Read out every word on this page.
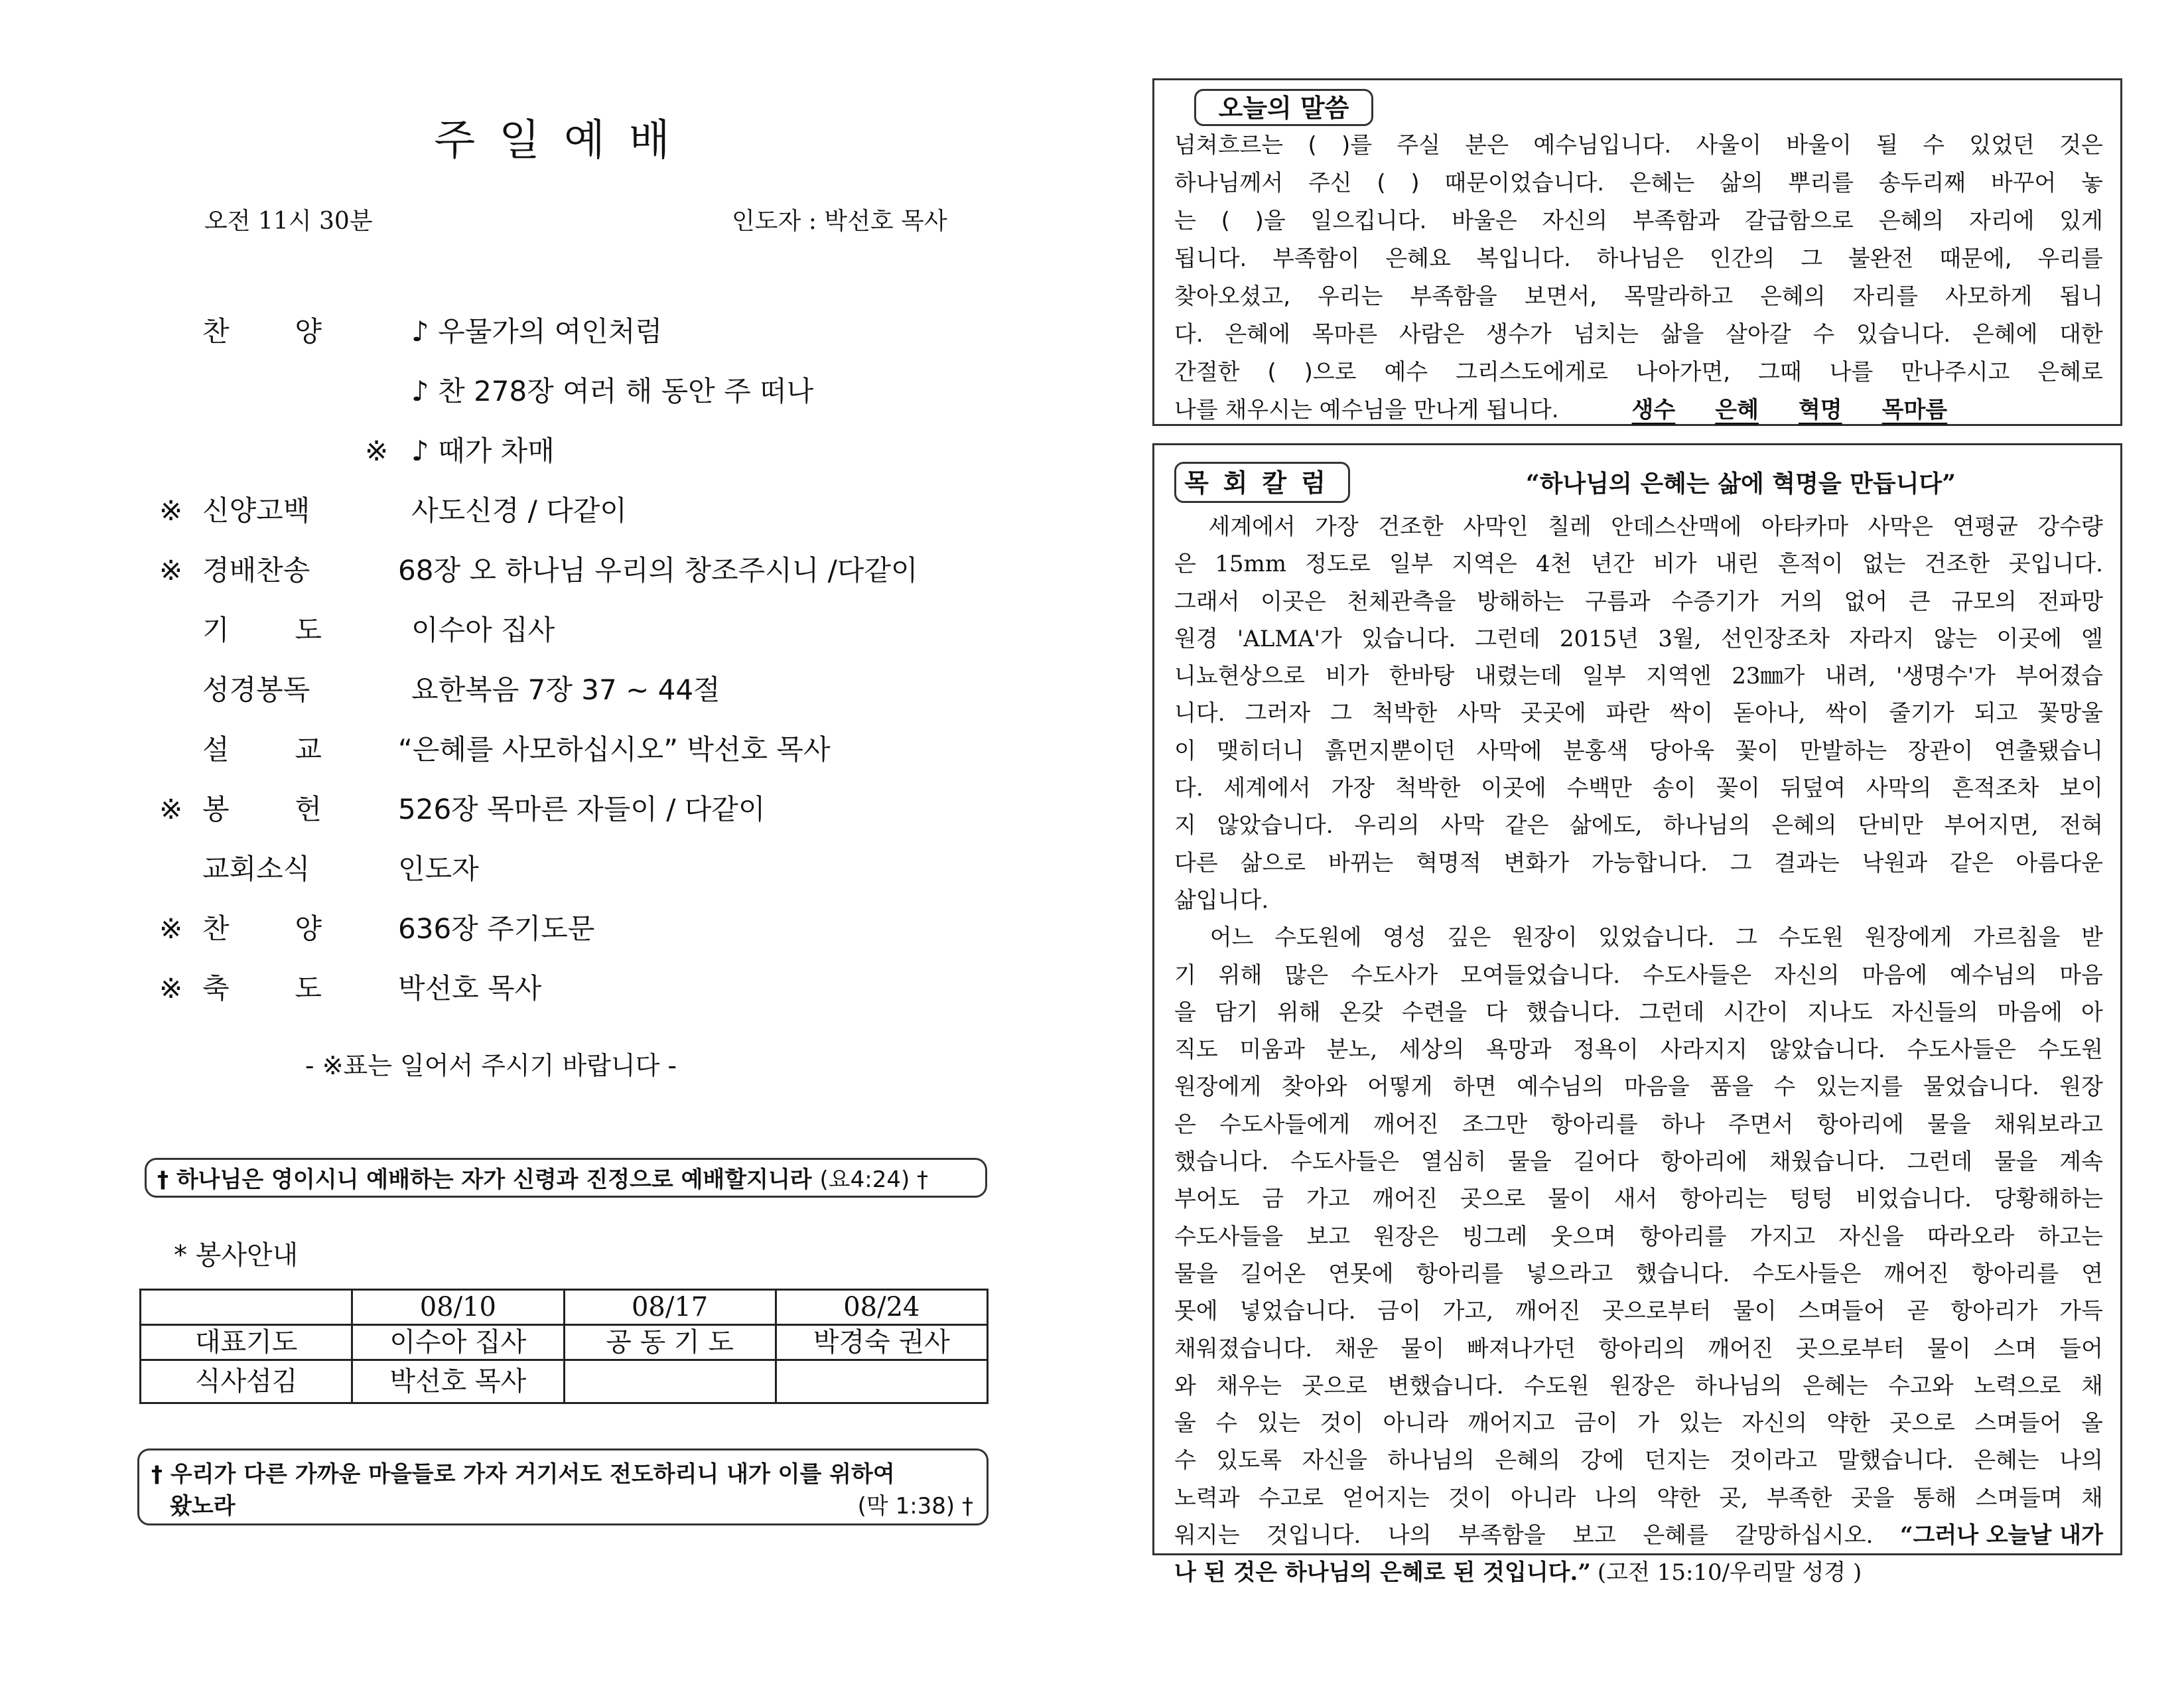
주일예배
오전 11시 30분	인도자 : 박선호 목사
찬 양	♪ 우물가의 여인처럼
♪ 찬 278장 여러 해 동안 주 떠나
※ ♪ 때가 차매
※ 신양고백	사도신경 / 다같이
※ 경배찬송	68장 오 하나님 우리의 창조주시니 /다같이
기 도	이수아 집사
성경봉독	요한복음 7장 37 ~ 44절
설 교	“은혜를 사모하십시오” 박선호 목사
※ 봉 헌	526장 목마른 자들이 / 다같이
교회소식	인도자
※ 찬 양	636장 주기도문
※ 축 도	박선호 목사
- ※표는 일어서 주시기 바랍니다 -
† 하나님은 영이시니 예배하는 자가 신령과 진정으로 예배할지니라 (요4:24) †
* 봉사안내
	08/10	08/17	08/24
대표기도	이수아 집사	공 동 기 도	박경숙 권사
식사섬김	박선호 목사		
† 우리가 다른 가까운 마을들로 가자 거기서도 전도하리니 내가 이를 위하여
왔노라	(막 1:38) †
오늘의 말씀
넘쳐흐르는 ( )를 주실 분은 예수님입니다. 사울이 바울이 될 수 있었던 것은
하나님께서 주신 ( ) 때문이었습니다. 은혜는 삶의 뿌리를 송두리째 바꾸어 놓
는 ( )을 일으킵니다. 바울은 자신의 부족함과 갈급함으로 은혜의 자리에 있게
됩니다. 부족함이 은혜요 복입니다. 하나님은 인간의 그 불완전 때문에, 우리를
찾아오셨고, 우리는 부족함을 보면서, 목말라하고 은혜의 자리를 사모하게 됩니
다. 은혜에 목마른 사람은 생수가 넘치는 삶을 살아갈 수 있습니다. 은혜에 대한
간절한 ( )으로 예수 그리스도에게로 나아가면, 그때 나를 만나주시고 은혜로
나를 채우시는 예수님을 만나게 됩니다.	생수 은혜 혁명 목마름
목회칼럼	“하나님의 은혜는 삶에 혁명을 만듭니다”

세계에서 가장 건조한 사막인 칠레 안데스산맥에 아타카마 사막은 연평균 강수량
은 15mm 정도로 일부 지역은 4천 년간 비가 내린 흔적이 없는 건조한 곳입니다.
그래서 이곳은 천체관측을 방해하는 구름과 수증기가 거의 없어 큰 규모의 전파망
원경 'ALMA'가 있습니다. 그런데 2015년 3월, 선인장조차 자라지 않는 이곳에 엘
니뇨현상으로 비가 한바탕 내렸는데 일부 지역엔 23㎜가 내려, '생명수'가 부어졌습
니다. 그러자 그 척박한 사막 곳곳에 파란 싹이 돋아나, 싹이 줄기가 되고 꽃망울
이 맺히더니 흙먼지뿐이던 사막에 분홍색 당아욱 꽃이 만발하는 장관이 연출됐습니
다. 세계에서 가장 척박한 이곳에 수백만 송이 꽃이 뒤덮여 사막의 흔적조차 보이
지 않았습니다. 우리의 사막 같은 삶에도, 하나님의 은혜의 단비만 부어지면, 전혀
다른 삶으로 바뀌는 혁명적 변화가 가능합니다. 그 결과는 낙원과 같은 아름다운
삶입니다.

어느 수도원에 영성 깊은 원장이 있었습니다. 그 수도원 원장에게 가르침을 받
기 위해 많은 수도사가 모여들었습니다. 수도사들은 자신의 마음에 예수님의 마음
을 담기 위해 온갖 수련을 다 했습니다. 그런데 시간이 지나도 자신들의 마음에 아
직도 미움과 분노, 세상의 욕망과 정욕이 사라지지 않았습니다. 수도사들은 수도원
원장에게 찾아와 어떻게 하면 예수님의 마음을 품을 수 있는지를 물었습니다. 원장
은 수도사들에게 깨어진 조그만 항아리를 하나 주면서 항아리에 물을 채워보라고
했습니다. 수도사들은 열심히 물을 길어다 항아리에 채웠습니다. 그런데 물을 계속
부어도 금 가고 깨어진 곳으로 물이 새서 항아리는 텅텅 비었습니다. 당황해하는
수도사들을 보고 원장은 빙그레 웃으며 항아리를 가지고 자신을 따라오라 하고는
물을 길어온 연못에 항아리를 넣으라고 했습니다. 수도사들은 깨어진 항아리를 연
못에 넣었습니다. 금이 가고, 깨어진 곳으로부터 물이 스며들어 곧 항아리가 가득
채워졌습니다. 채운 물이 빠져나가던 항아리의 깨어진 곳으로부터 물이 스며 들어
와 채우는 곳으로 변했습니다. 수도원 원장은 하나님의 은혜는 수고와 노력으로 채
울 수 있는 것이 아니라 깨어지고 금이 가 있는 자신의 약한 곳으로 스며들어 올
수 있도록 자신을 하나님의 은혜의 강에 던지는 것이라고 말했습니다. 은혜는 나의
노력과 수고로 얻어지는 것이 아니라 나의 약한 곳, 부족한 곳을 통해 스며들며 채
워지는 것입니다. 나의 부족함을 보고 은혜를 갈망하십시오. “그러나 오늘날 내가
나 된 것은 하나님의 은혜로 된 것입니다.” (고전 15:10/우리말 성경 )
